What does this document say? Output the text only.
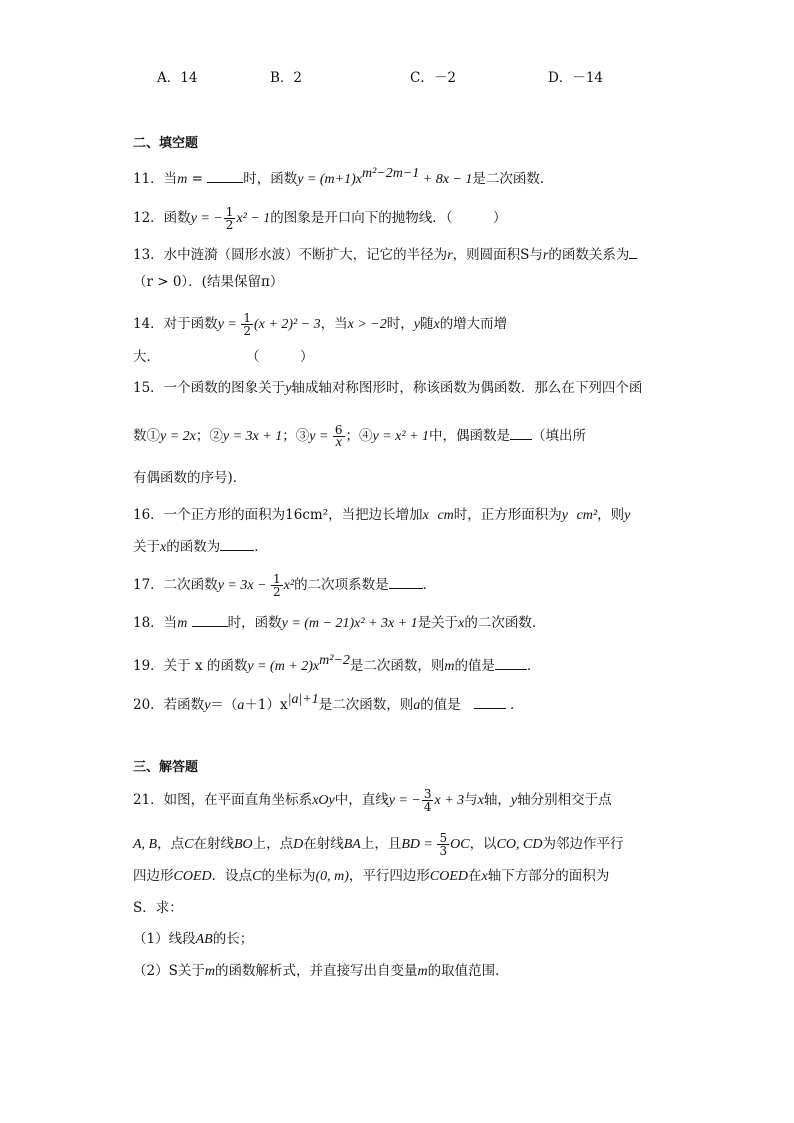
A．14	B．2	C．－2	D．－14
二、填空题
11．当m =	时，函数$y = (m+1)x^{m^2-2m-1} + 8x - 1$是二次函数．
12．函数y = − $\frac{1}{2} x^2 - 1$的图象是开口向下的抛物线．（　　　）
13．水中涟漪（圆形水波）不断扩大，记它的半径为r，则圆面积S与r的函数关系为
（r > 0）．(结果保留π）
14．对于函数$y = \frac{1}{2} (x + 2)^2 - 3$，当x > −2时，y随x的增大而增
大．	（　　　）
15．一个函数的图象关于y轴成轴对称图形时，称该函数为偶函数．那么在下列四个函
数①y = 2x；②y = 3x + 1；③y = $\frac{6}{x}$ ；④y = x² + 1中，偶函数是 （填出所
有偶函数的序号)．
16．一个正方形的面积为16cm²，当把边长增加x cm时，正方形面积为y cm²，则y
关于x的函数为	．
17．二次函数$y = 3x - \frac{1}{2} x^2$的二次项系数是	．
18．当m	时，函数y = (m − 21)x² + 3x + 1是关于x的二次函数．
19．关于 x 的函数$y = (m + 2)x^{m^2-2}$是二次函数，则m的值是 ．
20．若函数$y=(a+1)x^{|a|+1}$是二次函数，则a的值是	．
三、解答题
21．如图，在平面直角坐标系xOy中，直线y = − $\frac{3}{4}$ x + 3与x轴，y轴分别相交于点
A, B，点C在射线BO上，点D在射线BA上，且BD = $\frac{5}{3}$ OC，以CO, CD为邻边作平行
四边形COED．设点C的坐标为(0, m)，平行四边形COED在x轴下方部分的面积为
S．求：
（1）线段AB的长；
（2）S关于m的函数解析式，并直接写出自变量m的取值范围．
